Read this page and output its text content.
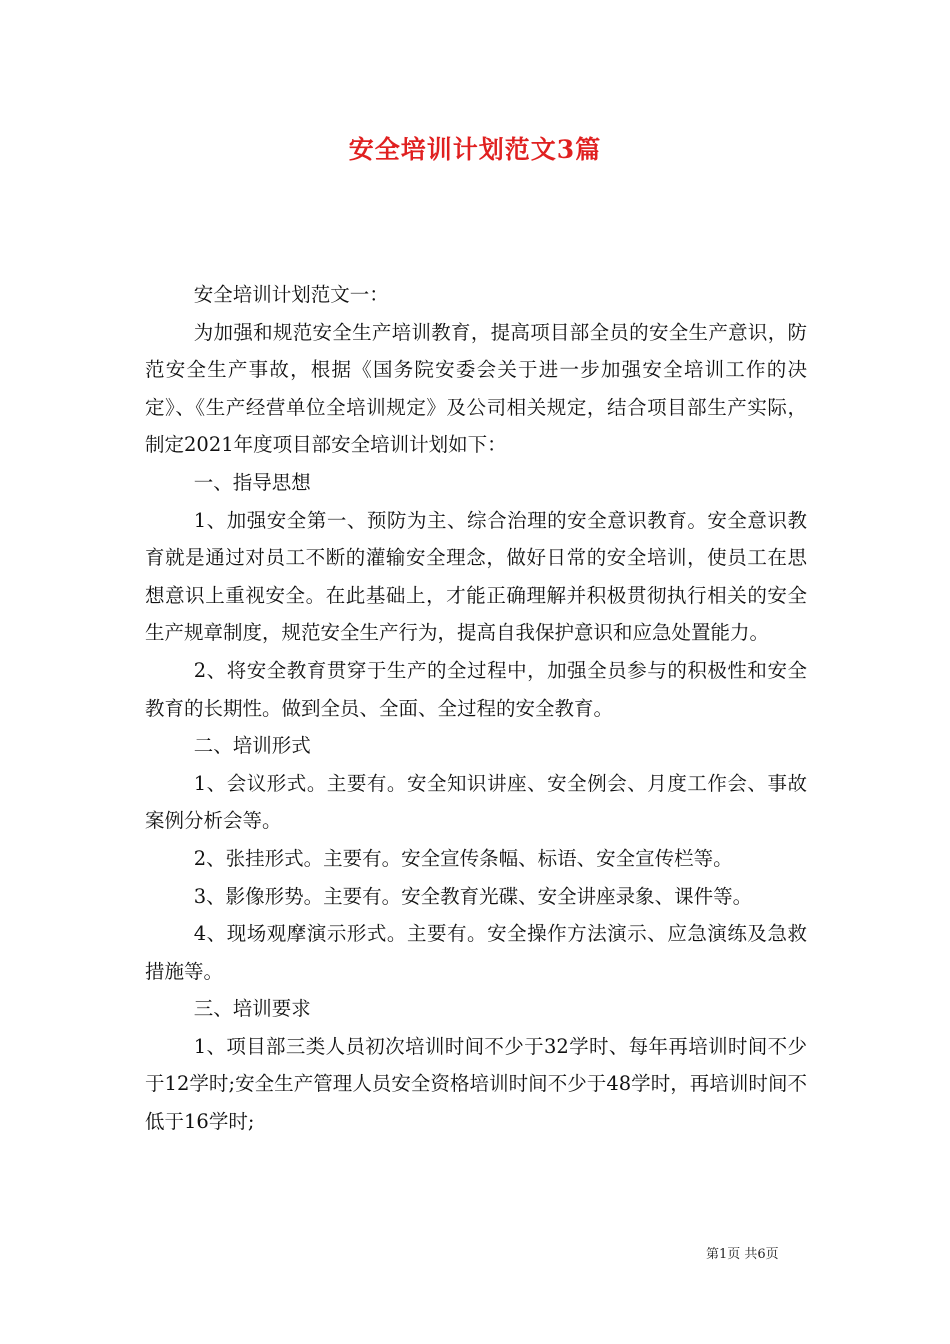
安全培训计划范文3篇

安全培训计划范文一：

为加强和规范安全生产培训教育，提高项目部全员的安全生产意识，防范安全生产事故，根据《国务院安委会关于进一步加强安全培训工作的决定》、《生产经营单位全培训规定》及公司相关规定，结合项目部生产实际，制定2021年度项目部安全培训计划如下：

一、指导思想

1、加强安全第一、预防为主、综合治理的安全意识教育。安全意识教育就是通过对员工不断的灌输安全理念，做好日常的安全培训，使员工在思想意识上重视安全。在此基础上，才能正确理解并积极贯彻执行相关的安全生产规章制度，规范安全生产行为，提高自我保护意识和应急处置能力。

2、将安全教育贯穿于生产的全过程中，加强全员参与的积极性和安全教育的长期性。做到全员、全面、全过程的安全教育。

二、培训形式

1、会议形式。主要有。安全知识讲座、安全例会、月度工作会、事故案例分析会等。

2、张挂形式。主要有。安全宣传条幅、标语、安全宣传栏等。

3、影像形势。主要有。安全教育光碟、安全讲座录象、课件等。

4、现场观摩演示形式。主要有。安全操作方法演示、应急演练及急救措施等。

三、培训要求

1、项目部三类人员初次培训时间不少于32学时、每年再培训时间不少于12学时;安全生产管理人员安全资格培训时间不少于48学时，再培训时间不低于16学时;

第1页 共6页
